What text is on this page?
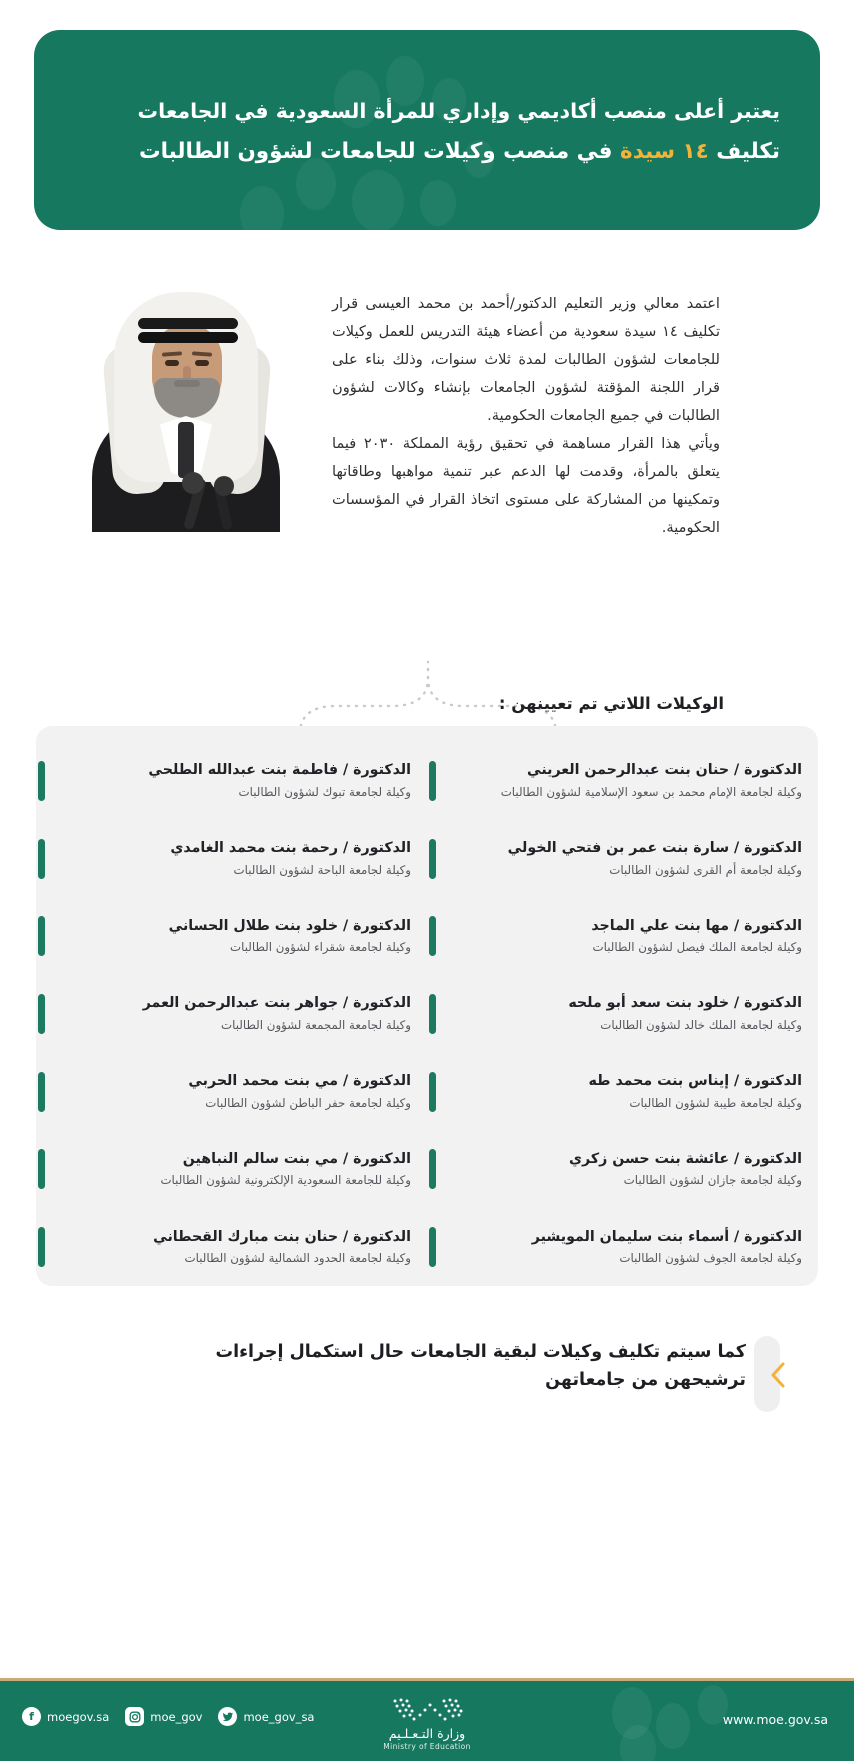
يعتبر أعلى منصب أكاديمي وإداري للمرأة السعودية في الجامعات
تكليف ١٤ سيدة في منصب وكيلات للجامعات لشؤون الطالبات

اعتمد معالي وزير التعليم الدكتور/أحمد بن محمد العيسى قرار تكليف ١٤ سيدة سعودية من أعضاء هيئة التدريس للعمل وكيلات للجامعات لشؤون الطالبات لمدة ثلاث سنوات، وذلك بناء على قرار اللجنة المؤقتة لشؤون الجامعات بإنشاء وكالات لشؤون الطالبات في جميع الجامعات الحكومية.

ويأتي هذا القرار مساهمة في تحقيق رؤية المملكة ٢٠٣٠ فيما يتعلق بالمرأة، وقدمت لها الدعم عبر تنمية مواهبها وطاقاتها وتمكينها من المشاركة على مستوى اتخاذ القرار في المؤسسات الحكومية.

الوكيلات اللاتي تم تعيينهن :
الدكتورة / حنان بنت عبدالرحمن العريني
وكيلة لجامعة الإمام محمد بن سعود الإسلامية لشؤون الطالبات
الدكتورة / سارة بنت عمر بن فتحي الخولي
وكيلة لجامعة أم القرى لشؤون الطالبات
الدكتورة / مها بنت علي الماجد
وكيلة لجامعة الملك فيصل لشؤون الطالبات
الدكتورة / خلود بنت سعد أبو ملحه
وكيلة لجامعة الملك خالد لشؤون الطالبات
الدكتورة / إيناس بنت محمد طه
وكيلة لجامعة طيبة لشؤون الطالبات
الدكتورة / عائشة بنت حسن زكري
وكيلة لجامعة جازان لشؤون الطالبات
الدكتورة / أسماء بنت سليمان المويشير
وكيلة لجامعة الجوف لشؤون الطالبات
الدكتورة / فاطمة بنت عبدالله الطلحي
وكيلة لجامعة تبوك لشؤون الطالبات
الدكتورة / رحمة بنت محمد الغامدي
وكيلة لجامعة الباحة لشؤون الطالبات
الدكتورة / خلود بنت طلال الحساني
وكيلة لجامعة شقراء لشؤون الطالبات
الدكتورة / جواهر بنت عبدالرحمن العمر
وكيلة لجامعة المجمعة لشؤون الطالبات
الدكتورة / مي بنت محمد الحربي
وكيلة لجامعة حفر الباطن لشؤون الطالبات
الدكتورة / مي بنت سالم النباهين
وكيلة للجامعة السعودية الإلكترونية لشؤون الطالبات
الدكتورة / حنان بنت مبارك القحطاني
وكيلة لجامعة الحدود الشمالية لشؤون الطالبات
كما سيتم تكليف وكيلات لبقية الجامعات حال استكمال إجراءات ترشيحهن من جامعاتهن
f	moegov.sa	moe_gov	moe_gov_sa
وزارة التـعـلـيم
Ministry of Education
www.moe.gov.sa
